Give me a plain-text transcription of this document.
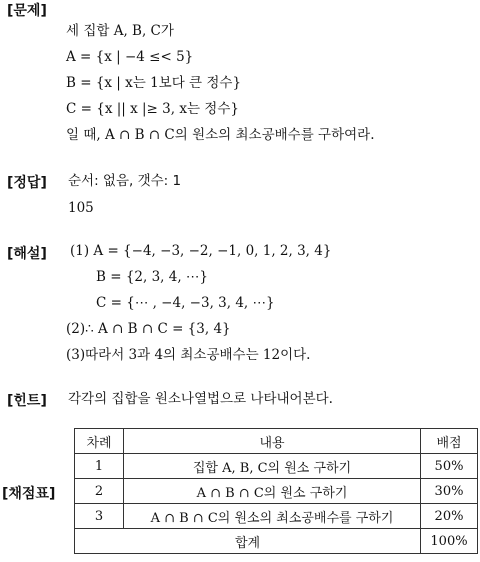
[문제]
세 집합 A, B, C가
A = {x | −4 ≤< 5}
B = {x | x는 1보다 큰 정수}
C = {x || x |≥ 3, x는 정수}
일 때, A ∩ B ∩ C의 원소의 최소공배수를 구하여라.
[정답] 순서: 없음, 갯수: 1
105
[해설] (1) A = {−4, −3, −2, −1, 0, 1, 2, 3, 4}
B = {2, 3, 4, ⋯}
C = {⋯ , −4, −3, 3, 4, ⋯}
(2)∴ A ∩ B ∩ C = {3, 4}
(3)따라서 3과 4의 최소공배수는 12이다.
[힌트] 각각의 집합을 원소나열법으로 나타내어본다.
[채점표]
차례	내용	배점
1	집합 A, B, C의 원소 구하기	50%
2	A ∩ B ∩ C의 원소 구하기	30%
3	A ∩ B ∩ C의 원소의 최소공배수를 구하기	20%
합계		100%
